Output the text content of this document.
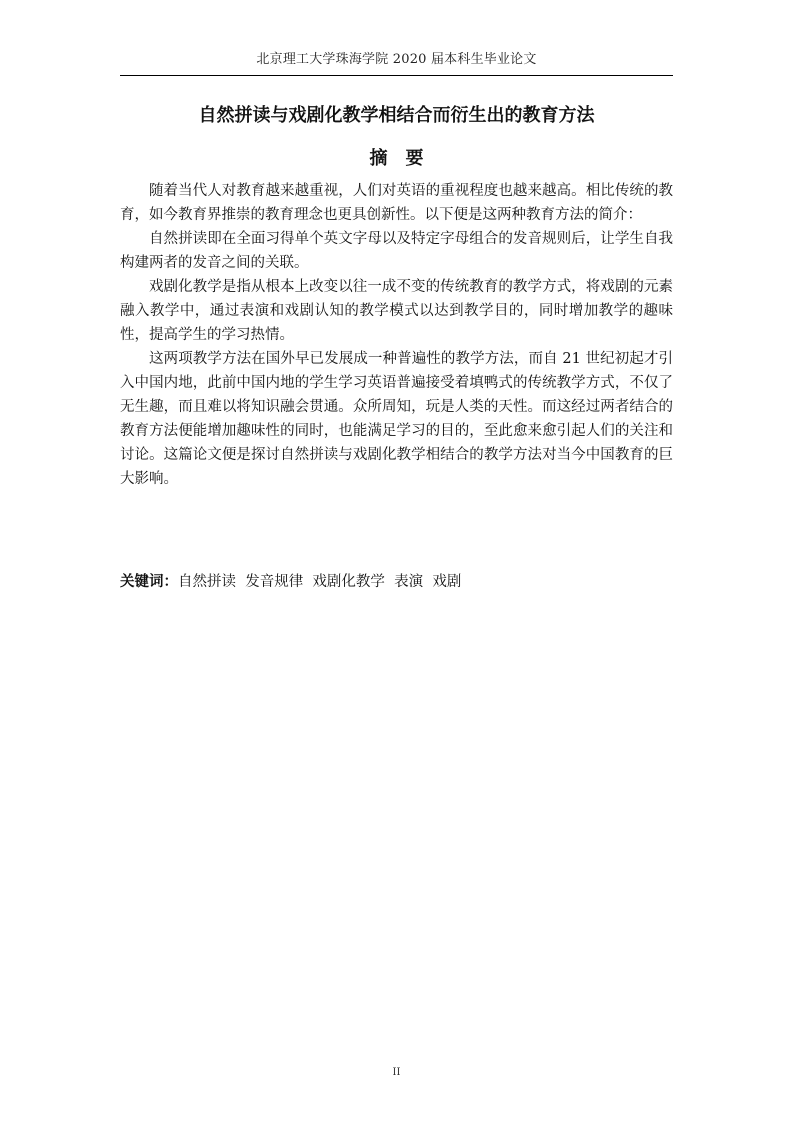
北京理工大学珠海学院 2020 届本科生毕业论文
自然拼读与戏剧化教学相结合而衍生出的教育方法
摘要

随着当代人对教育越来越重视，人们对英语的重视程度也越来越高。相比传统的教育，如今教育界推崇的教育理念也更具创新性。以下便是这两种教育方法的简介：

自然拼读即在全面习得单个英文字母以及特定字母组合的发音规则后，让学生自我构建两者的发音之间的关联。

戏剧化教学是指从根本上改变以往一成不变的传统教育的教学方式，将戏剧的元素融入教学中，通过表演和戏剧认知的教学模式以达到教学目的，同时增加教学的趣味性，提高学生的学习热情。

这两项教学方法在国外早已发展成一种普遍性的教学方法，而自 21 世纪初起才引入中国内地，此前中国内地的学生学习英语普遍接受着填鸭式的传统教学方式，不仅了无生趣，而且难以将知识融会贯通。众所周知，玩是人类的天性。而这经过两者结合的教育方法便能增加趣味性的同时，也能满足学习的目的，至此愈来愈引起人们的关注和讨论。这篇论文便是探讨自然拼读与戏剧化教学相结合的教学方法对当今中国教育的巨大影响。

关键词：自然拼读  发音规律  戏剧化教学  表演  戏剧
II
